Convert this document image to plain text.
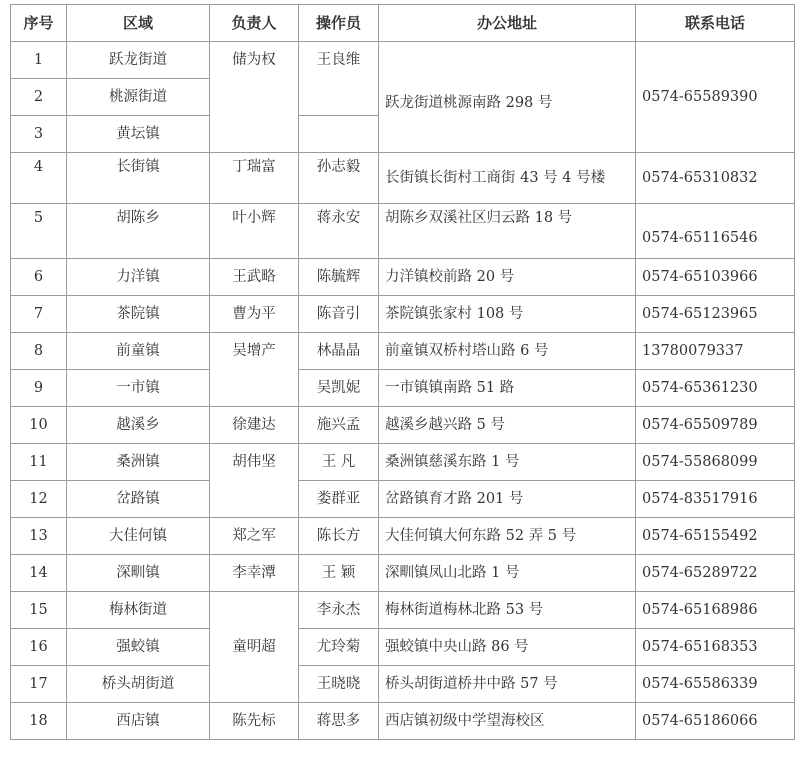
序号	区域	负责人	操作员	办公地址	联系电话
1	跃龙街道	储为权	王良维	跃龙街道桃源南路 298 号	0574-65589390
2	桃源街道				
3	黄坛镇				
4	长街镇	丁瑞富	孙志毅	长街镇长街村工商街 43 号 4 号楼	0574-65310832
5	胡陈乡	叶小辉	蒋永安	胡陈乡双溪社区归云路 18 号	0574-65116546
6	力洋镇	王武略	陈毓辉	力洋镇校前路 20 号	0574-65103966
7	茶院镇	曹为平	陈音引	茶院镇张家村 108 号	0574-65123965
8	前童镇	吴增产	林晶晶	前童镇双桥村塔山路 6 号	13780079337
9	一市镇		吴凯妮	一市镇镇南路 51 路	0574-65361230
10	越溪乡	徐建达	施兴孟	越溪乡越兴路 5 号	0574-65509789
11	桑洲镇	胡伟坚	王 凡	桑洲镇慈溪东路 1 号	0574-55868099
12	岔路镇		娄群亚	岔路镇育才路 201 号	0574-83517916
13	大佳何镇	郑之军	陈长方	大佳何镇大何东路 52 弄 5 号	0574-65155492
14	深甽镇	李幸潭	王 颖	深甽镇凤山北路 1 号	0574-65289722
15	梅林街道	童明超	李永杰	梅林街道梅林北路 53 号	0574-65168986
16	强蛟镇		尤玲菊	强蛟镇中央山路 86 号	0574-65168353
17	桥头胡街道		王晓晓	桥头胡街道桥井中路 57 号	0574-65586339
18	西店镇	陈先标	蒋思多	西店镇初级中学望海校区	0574-65186066
